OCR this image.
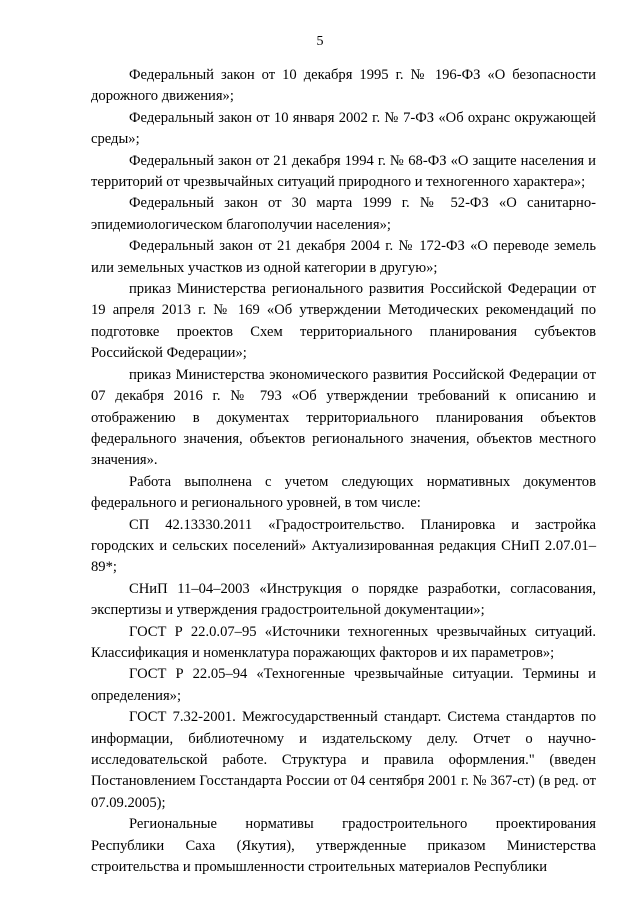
5

Федеральный закон от 10 декабря 1995 г. № 196-ФЗ «О безопасности дорожного движения»;

Федеральный закон от 10 января 2002 г. № 7-ФЗ «Об охранс окружающей среды»;

Федеральный закон от 21 декабря 1994 г. № 68-ФЗ «О защите населения и территорий от чрезвычайных ситуаций природного и техногенного характера»;

Федеральный закон от 30 марта 1999 г. № 52-ФЗ «О санитарно-эпидемиологическом благополучии населения»;

Федеральный закон от 21 декабря 2004 г. № 172-ФЗ «О переводе земель или земельных участков из одной категории в другую»;

приказ Министерства регионального развития Российской Федерации от 19 апреля 2013 г. № 169 «Об утверждении Методических рекомендаций по подготовке проектов Схем территориального планирования субъектов Российской Федерации»;

приказ Министерства экономического развития Российской Федерации от 07 декабря 2016 г. № 793 «Об утверждении требований к описанию и отображению в документах территориального планирования объектов федерального значения, объектов регионального значения, объектов местного значения».

Работа выполнена с учетом следующих нормативных документов федерального и регионального уровней, в том числе:

СП 42.13330.2011 «Градостроительство. Планировка и застройка городских и сельских поселений» Актуализированная редакция СНиП 2.07.01–89*;

СНиП 11–04–2003 «Инструкция о порядке разработки, согласования, экспертизы и утверждения градостроительной документации»;

ГОСТ Р 22.0.07–95 «Источники техногенных чрезвычайных ситуаций. Классификация и номенклатура поражающих факторов и их параметров»;

ГОСТ Р 22.05–94 «Техногенные чрезвычайные ситуации. Термины и определения»;

ГОСТ 7.32-2001. Межгосударственный стандарт. Система стандартов по информации, библиотечному и издательскому делу. Отчет о научно-исследовательской работе. Структура и правила оформления." (введен Постановлением Госстандарта России от 04 сентября 2001 г. № 367-ст) (в ред. от 07.09.2005);

Региональные нормативы градостроительного проектирования Республики Саха (Якутия), утвержденные приказом Министерства строительства и промышленности строительных материалов Республики
